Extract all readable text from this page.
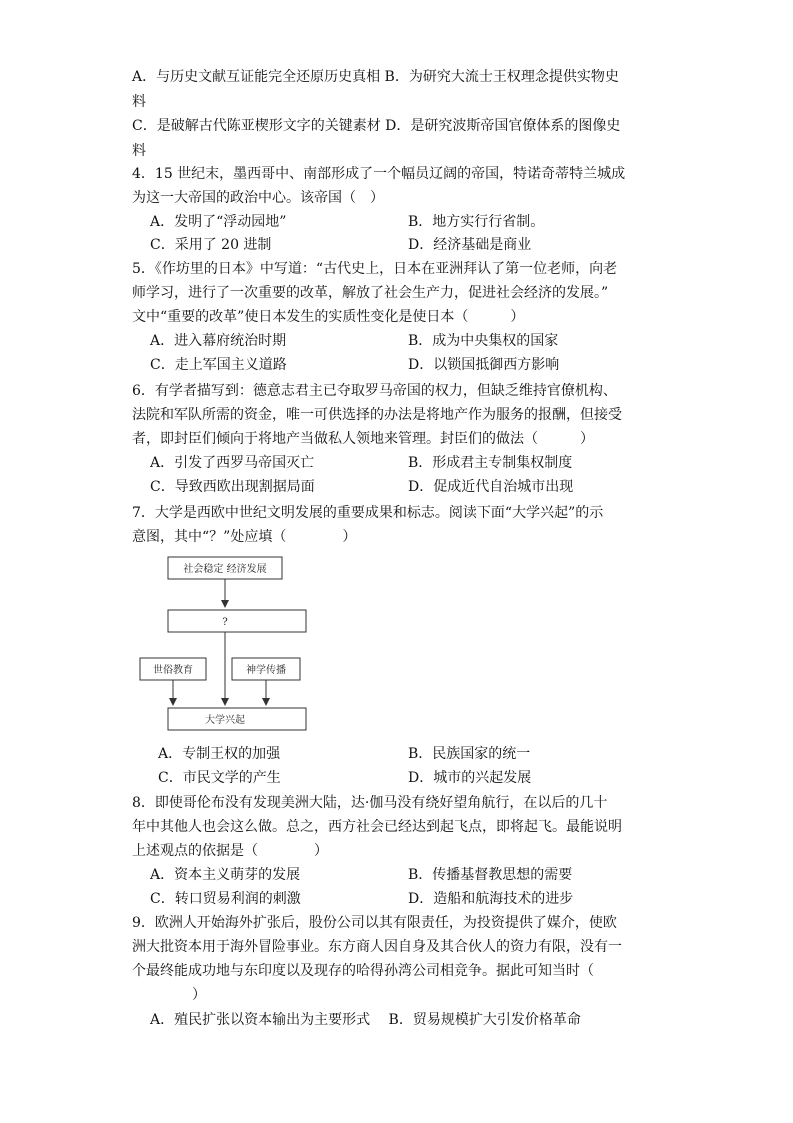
A．与历史文献互证能完全还原历史真相 B．为研究大流士王权理念提供实物史
料
C．是破解古代陈亚楔形文字的关键素材 D．是研究波斯帝国官僚体系的图像史
料
4．15 世纪末，墨西哥中、南部形成了一个幅员辽阔的帝国，特诺奇蒂特兰城成
为这一大帝国的政治中心。该帝国（　）
A．发明了“浮动园地”	B．地方实行行省制。
C．采用了 20 进制	D．经济基础是商业
5．《作坊里的日本》中写道：“古代史上，日本在亚洲拜认了第一位老师，向老
师学习，进行了一次重要的改革，解放了社会生产力，促进社会经济的发展。”
文中“重要的改革”使日本发生的实质性变化是使日本（　　　）
A．进入幕府统治时期	B．成为中央集权的国家
C．走上军国主义道路	D．以锁国抵御西方影响
6．有学者描写到：德意志君主已夺取罗马帝国的权力，但缺乏维持官僚机构、
法院和军队所需的资金，唯一可供选择的办法是将地产作为服务的报酬，但接受
者，即封臣们倾向于将地产当做私人领地来管理。封臣们的做法（　　　）
A．引发了西罗马帝国灭亡	B．形成君主专制集权制度
C．导致西欧出现割据局面	D．促成近代自治城市出现
7．大学是西欧中世纪文明发展的重要成果和标志。阅读下面“大学兴起”的示
意图，其中“？”处应填（　　　　）
社会稳定 经济发展
?
世俗教育	神学传播
大学兴起
A．专制王权的加强	B．民族国家的统一
C．市民文学的产生	D．城市的兴起发展
8．即使哥伦布没有发现美洲大陆，达·伽马没有绕好望角航行，在以后的几十
年中其他人也会这么做。总之，西方社会已经达到起飞点，即将起飞。最能说明
上述观点的依据是（　　　　）
A．资本主义萌芽的发展	B．传播基督教思想的需要
C．转口贸易利润的刺激	D．造船和航海技术的进步
9．欧洲人开始海外扩张后，股份公司以其有限责任，为投资提供了媒介，使欧
洲大批资本用于海外冒险事业。东方商人因自身及其合伙人的资力有限，没有一
个最终能成功地与东印度以及现存的哈得孙湾公司相竞争。据此可知当时（
　　　）
A．殖民扩张以资本输出为主要形式　 B．贸易规模扩大引发价格革命
